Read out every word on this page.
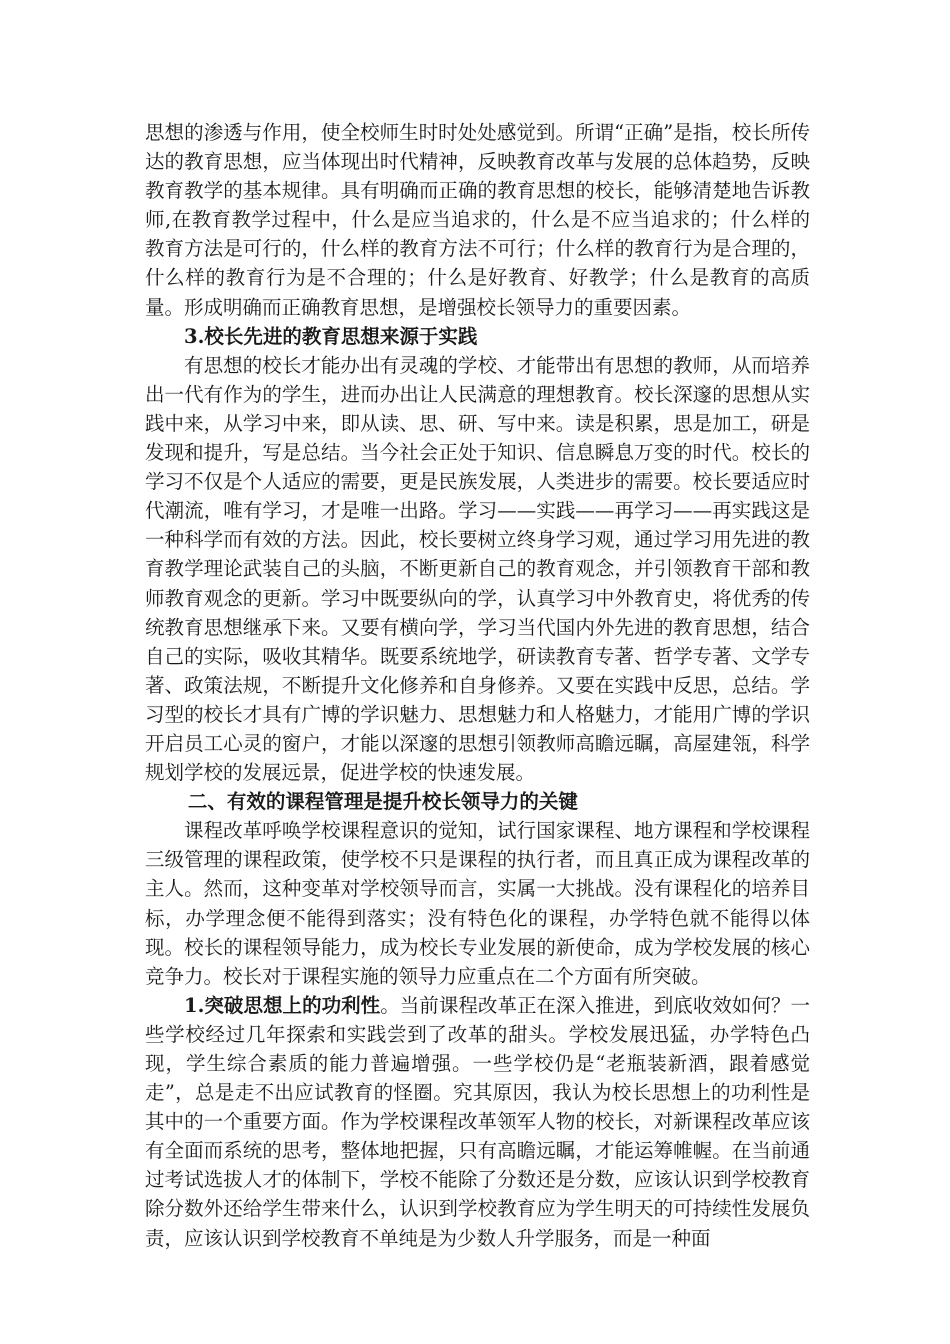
思想的渗透与作用，使全校师生时时处处感觉到。所谓“正确”是指，校长所传达的教育思想，应当体现出时代精神，反映教育改革与发展的总体趋势，反映教育教学的基本规律。具有明确而正确的教育思想的校长，能够清楚地告诉教师,在教育教学过程中，什么是应当追求的，什么是不应当追求的；什么样的教育方法是可行的，什么样的教育方法不可行；什么样的教育行为是合理的，什么样的教育行为是不合理的；什么是好教育、好教学；什么是教育的高质量。形成明确而正确教育思想，是增强校长领导力的重要因素。

3.校长先进的教育思想来源于实践

有思想的校长才能办出有灵魂的学校、才能带出有思想的教师，从而培养出一代有作为的学生，进而办出让人民满意的理想教育。校长深邃的思想从实践中来，从学习中来，即从读、思、研、写中来。读是积累，思是加工，研是发现和提升，写是总结。当今社会正处于知识、信息瞬息万变的时代。校长的学习不仅是个人适应的需要，更是民族发展，人类进步的需要。校长要适应时代潮流，唯有学习，才是唯一出路。学习——实践——再学习——再实践这是一种科学而有效的方法。因此，校长要树立终身学习观，通过学习用先进的教育教学理论武装自己的头脑，不断更新自己的教育观念，并引领教育干部和教师教育观念的更新。学习中既要纵向的学，认真学习中外教育史，将优秀的传统教育思想继承下来。又要有横向学，学习当代国内外先进的教育思想，结合自己的实际，吸收其精华。既要系统地学，研读教育专著、哲学专著、文学专著、政策法规，不断提升文化修养和自身修养。又要在实践中反思，总结。学习型的校长才具有广博的学识魅力、思想魅力和人格魅力，才能用广博的学识开启员工心灵的窗户，才能以深邃的思想引领教师高瞻远瞩，高屋建瓴，科学规划学校的发展远景，促进学校的快速发展。

二、有效的课程管理是提升校长领导力的关键

课程改革呼唤学校课程意识的觉知，试行国家课程、地方课程和学校课程三级管理的课程政策，使学校不只是课程的执行者，而且真正成为课程改革的主人。然而，这种变革对学校领导而言，实属一大挑战。没有课程化的培养目标，办学理念便不能得到落实；没有特色化的课程，办学特色就不能得以体现。校长的课程领导能力，成为校长专业发展的新使命，成为学校发展的核心竞争力。校长对于课程实施的领导力应重点在二个方面有所突破。

1.突破思想上的功利性。当前课程改革正在深入推进，到底收效如何？一些学校经过几年探索和实践尝到了改革的甜头。学校发展迅猛，办学特色凸现，学生综合素质的能力普遍增强。一些学校仍是“老瓶装新酒，跟着感觉走”，总是走不出应试教育的怪圈。究其原因，我认为校长思想上的功利性是其中的一个重要方面。作为学校课程改革领军人物的校长，对新课程改革应该有全面而系统的思考，整体地把握，只有高瞻远瞩，才能运筹帷幄。在当前通过考试选拔人才的体制下，学校不能除了分数还是分数，应该认识到学校教育除分数外还给学生带来什么，认识到学校教育应为学生明天的可持续性发展负责，应该认识到学校教育不单纯是为少数人升学服务，而是一种面
